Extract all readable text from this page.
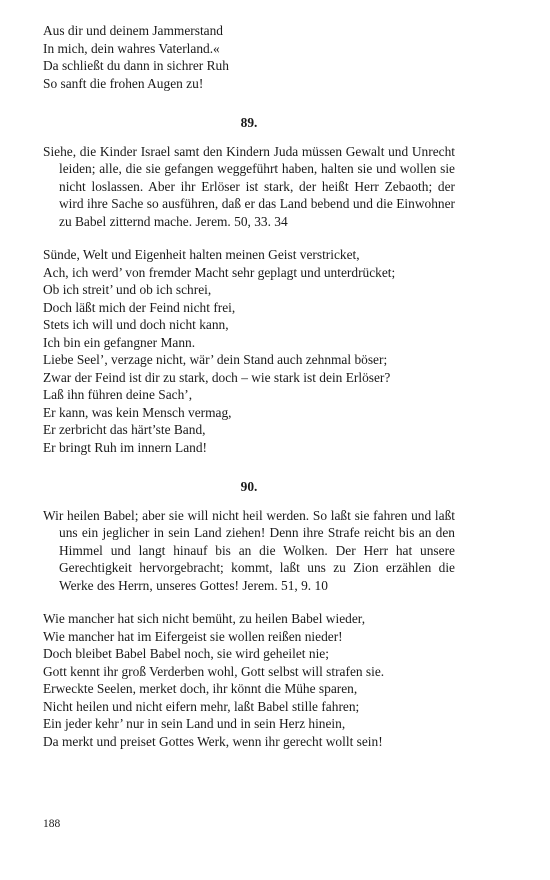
Aus dir und deinem Jammerstand
In mich, dein wahres Vaterland.«
Da schließt du dann in sichrer Ruh
So sanft die frohen Augen zu!
89.
Siehe, die Kinder Israel samt den Kindern Juda müssen Gewalt und Unrecht leiden; alle, die sie gefangen weggeführt haben, halten sie und wollen sie nicht loslassen. Aber ihr Erlöser ist stark, der heißt Herr Zebaoth; der wird ihre Sache so ausführen, daß er das Land bebend und die Einwohner zu Babel zitternd mache. Jerem. 50, 33. 34
Sünde, Welt und Eigenheit halten meinen Geist verstricket,
Ach, ich werd’ von fremder Macht sehr geplagt und unterdrücket;
Ob ich streit’ und ob ich schrei,
Doch läßt mich der Feind nicht frei,
Stets ich will und doch nicht kann,
Ich bin ein gefangner Mann.
Liebe Seel’, verzage nicht, wär’ dein Stand auch zehnmal böser;
Zwar der Feind ist dir zu stark, doch – wie stark ist dein Erlöser?
Laß ihn führen deine Sach’,
Er kann, was kein Mensch vermag,
Er zerbricht das härt’ste Band,
Er bringt Ruh im innern Land!
90.
Wir heilen Babel; aber sie will nicht heil werden. So laßt sie fahren und laßt uns ein jeglicher in sein Land ziehen! Denn ihre Strafe reicht bis an den Himmel und langt hinauf bis an die Wolken. Der Herr hat unsere Gerechtigkeit hervorgebracht; kommt, laßt uns zu Zion erzählen die Werke des Herrn, unseres Gottes! Jerem. 51, 9. 10
Wie mancher hat sich nicht bemüht, zu heilen Babel wieder,
Wie mancher hat im Eifergeist sie wollen reißen nieder!
Doch bleibet Babel Babel noch, sie wird geheilet nie;
Gott kennt ihr groß Verderben wohl, Gott selbst will strafen sie.
Erweckte Seelen, merket doch, ihr könnt die Mühe sparen,
Nicht heilen und nicht eifern mehr, laßt Babel stille fahren;
Ein jeder kehr’ nur in sein Land und in sein Herz hinein,
Da merkt und preiset Gottes Werk, wenn ihr gerecht wollt sein!
188
